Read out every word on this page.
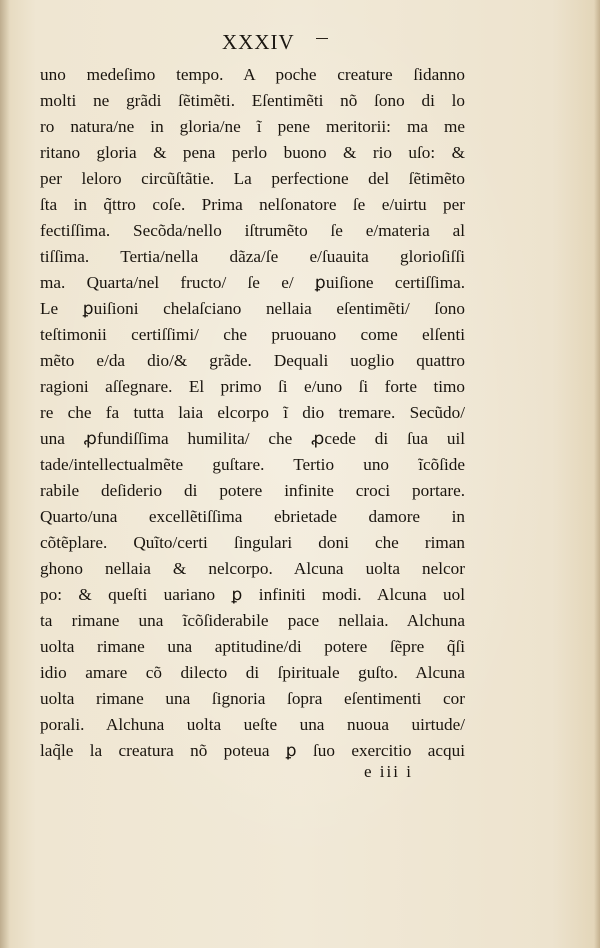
XXXIV
uno medeſimo tempo. A poche creature ſidanno
molti ne grãdi ſẽtimẽti. Eſentimẽti nõ ſono di lo
ro natura/ne in gloria/ne ĩ pene meritorii: ma me
ritano gloria & pena perlo buono & rio uſo: &
per leloro circũſtãtie. La perfectione del ſẽtimẽto
ſta in q̃ttro coſe. Prima nelſonatore ſe e/uirtu per
fectiſſima. Secõda/nello iſtrumẽto ſe e/materia al
tiſſima. Tertia/nella dãza/ſe e/ſuauita glorioſiſſi
ma. Quarta/nel fructo/ ſe e/ ꝑuiſione certiſſima.
Le ꝑuiſioni chelaſciano nellaia eſentimẽti/ ſono
teſtimonii certiſſimi/ che pruouano come elſenti
mẽto e/da dio/& grãde. Dequali uoglio quattro
ragioni aſſegnare. El primo ſi e/uno ſi forte timo
re che fa tutta laia elcorpo ĩ dio tremare. Secũdo/
una ꝓfundiſſima humilita/ che ꝓcede di ſua uil
tade/intellectualmẽte guſtare. Tertio uno ĩcõſide
rabile deſiderio di potere infinite croci portare.
Quarto/una excellẽtiſſima ebrietade damore in
cõtẽplare. Quĩto/certi ſingulari doni che riman
ghono nellaia & nelcorpo. Alcuna uolta nelcor
po: & queſti uariano ꝑ infiniti modi. Alcuna uol
ta rimane una ĩcõſiderabile pace nellaia. Alchuna
uolta rimane una aptitudine/di potere ſẽpre q̃ſi
idio amare cõ dilecto di ſpirituale guſto. Alcuna
uolta rimane una ſignoria ſopra eſentimenti cor
porali. Alchuna uolta ueſte una nuoua uirtude/
laq̃le la creatura nõ poteua ꝑ ſuo exercitio acqui
e iii i
